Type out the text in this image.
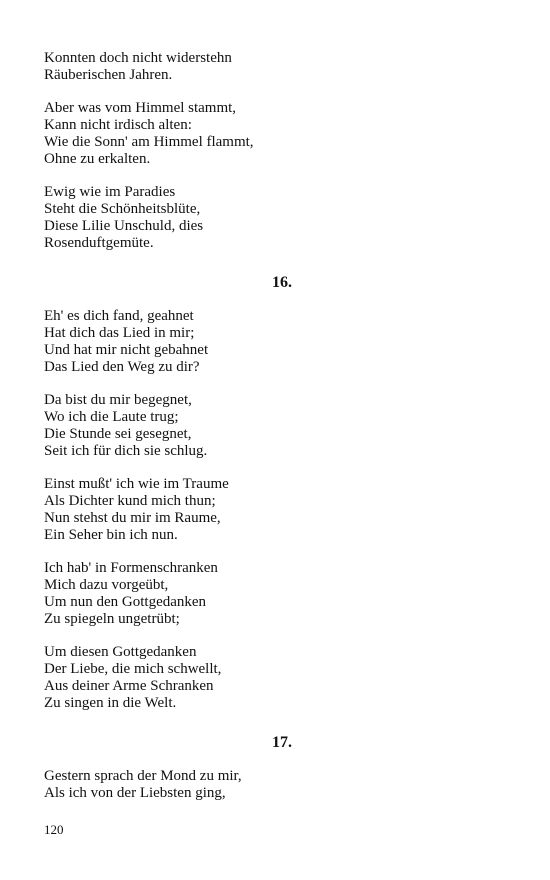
Konnten doch nicht widerstehn
Räuberischen Jahren.
Aber was vom Himmel stammt,
Kann nicht irdisch alten:
Wie die Sonn' am Himmel flammt,
Ohne zu erkalten.
Ewig wie im Paradies
Steht die Schönheitsblüte,
Diese Lilie Unschuld, dies
Rosenduftgemüte.
16.
Eh' es dich fand, geahnet
Hat dich das Lied in mir;
Und hat mir nicht gebahnet
Das Lied den Weg zu dir?
Da bist du mir begegnet,
Wo ich die Laute trug;
Die Stunde sei gesegnet,
Seit ich für dich sie schlug.
Einst mußt' ich wie im Traume
Als Dichter kund mich thun;
Nun stehst du mir im Raume,
Ein Seher bin ich nun.
Ich hab' in Formenschranken
Mich dazu vorgeübt,
Um nun den Gottgedanken
Zu spiegeln ungetrübt;
Um diesen Gottgedanken
Der Liebe, die mich schwellt,
Aus deiner Arme Schranken
Zu singen in die Welt.
17.
Gestern sprach der Mond zu mir,
Als ich von der Liebsten ging,
120
